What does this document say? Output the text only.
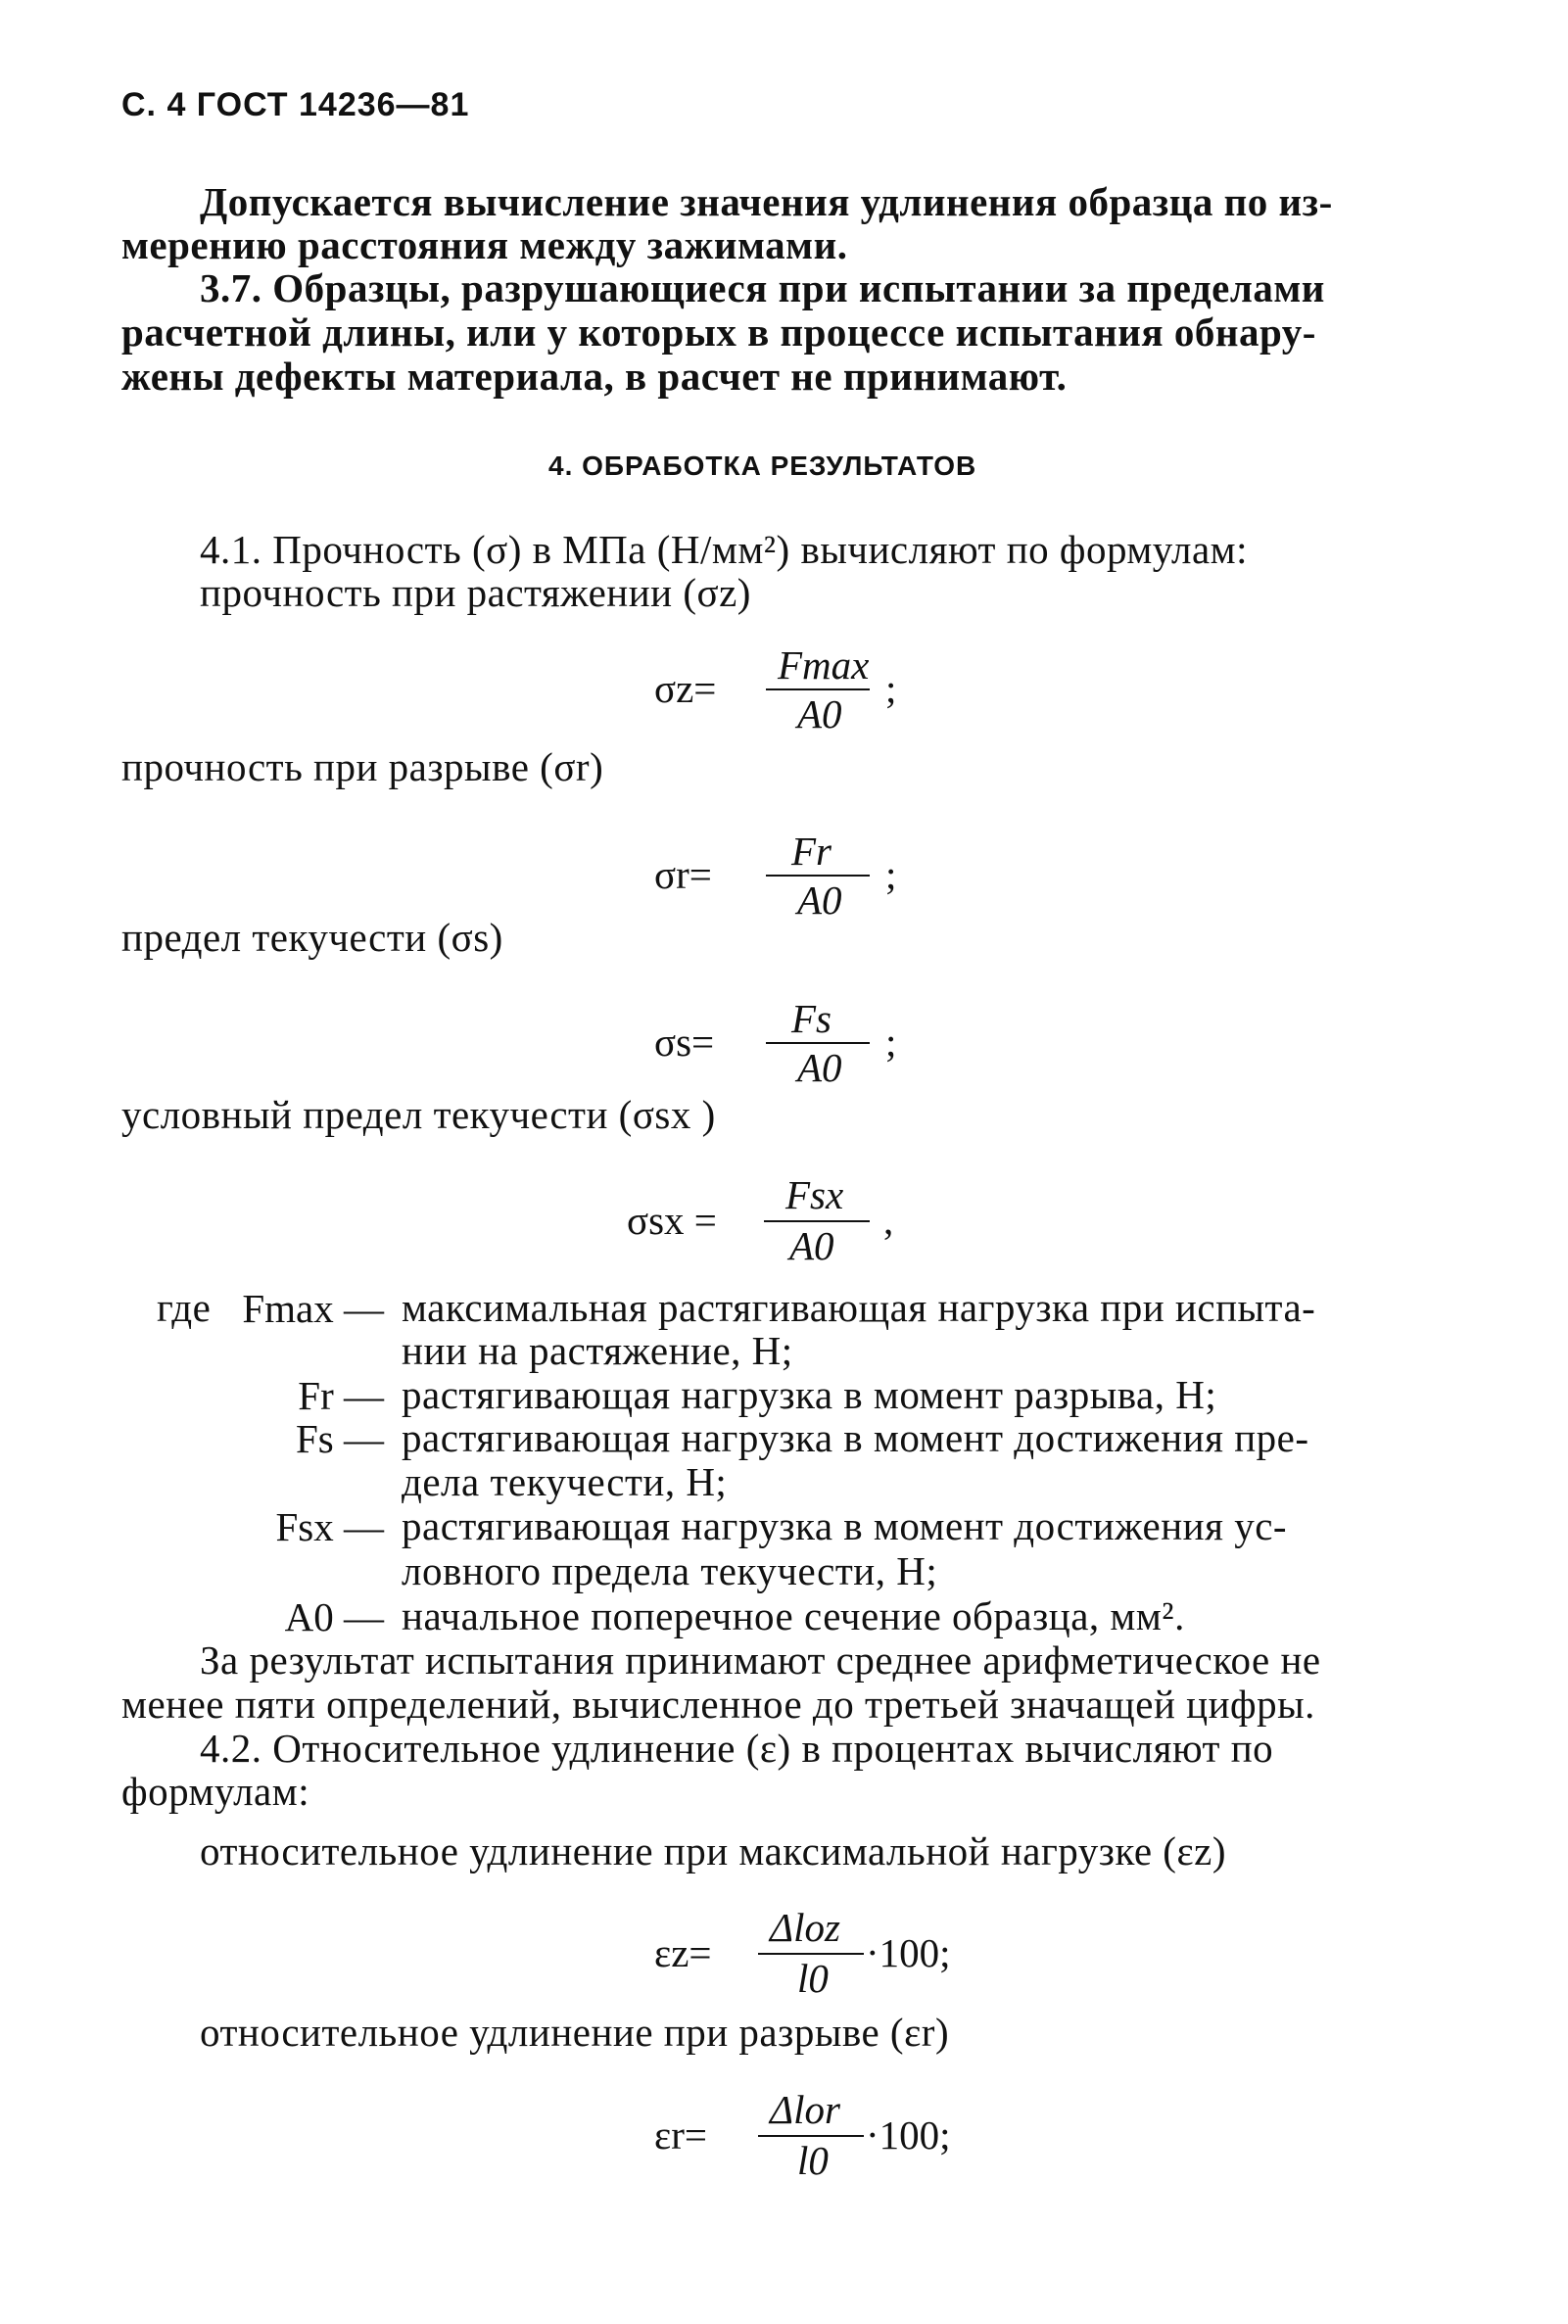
С. 4 ГОСТ 14236—81
Допускается вычисление значения удлинения образца по из-
мерению расстояния между зажимами.
3.7. Образцы, разрушающиеся при испытании за пределами
расчетной длины, или у которых в процессе испытания обнару-
жены дефекты материала, в расчет не принимают.
4. ОБРАБОТКА РЕЗУЛЬТАТОВ
4.1. Прочность (σ) в МПа (Н/мм²) вычисляют по формулам:
прочность при растяжении (σz)
σz=
Fmax
A0
;
прочность при разрыве (σr)
σr=
Fr
A0
;
предел текучести (σs)
σs=
Fs
A0
;
условный предел текучести (σsx )
σsx =
Fsx
A0
,
где Fmax — максимальная растягивающая нагрузка при испыта-
нии на растяжение, Н;
Fr — растягивающая нагрузка в момент разрыва, Н;
Fs — растягивающая нагрузка в момент достижения пре-
дела текучести, Н;
Fsx — растягивающая нагрузка в момент достижения ус-
ловного предела текучести, Н;
A0 — начальное поперечное сечение образца, мм².
За результат испытания принимают среднее арифметическое не
менее пяти определений, вычисленное до третьей значащей цифры.
4.2. Относительное удлинение (ε) в процентах вычисляют по
формулам:
относительное удлинение при максимальной нагрузке (εz)
εz=
Δloz
l0
·100;
относительное удлинение при разрыве (εr)
εr=
Δlor
l0
·100;
